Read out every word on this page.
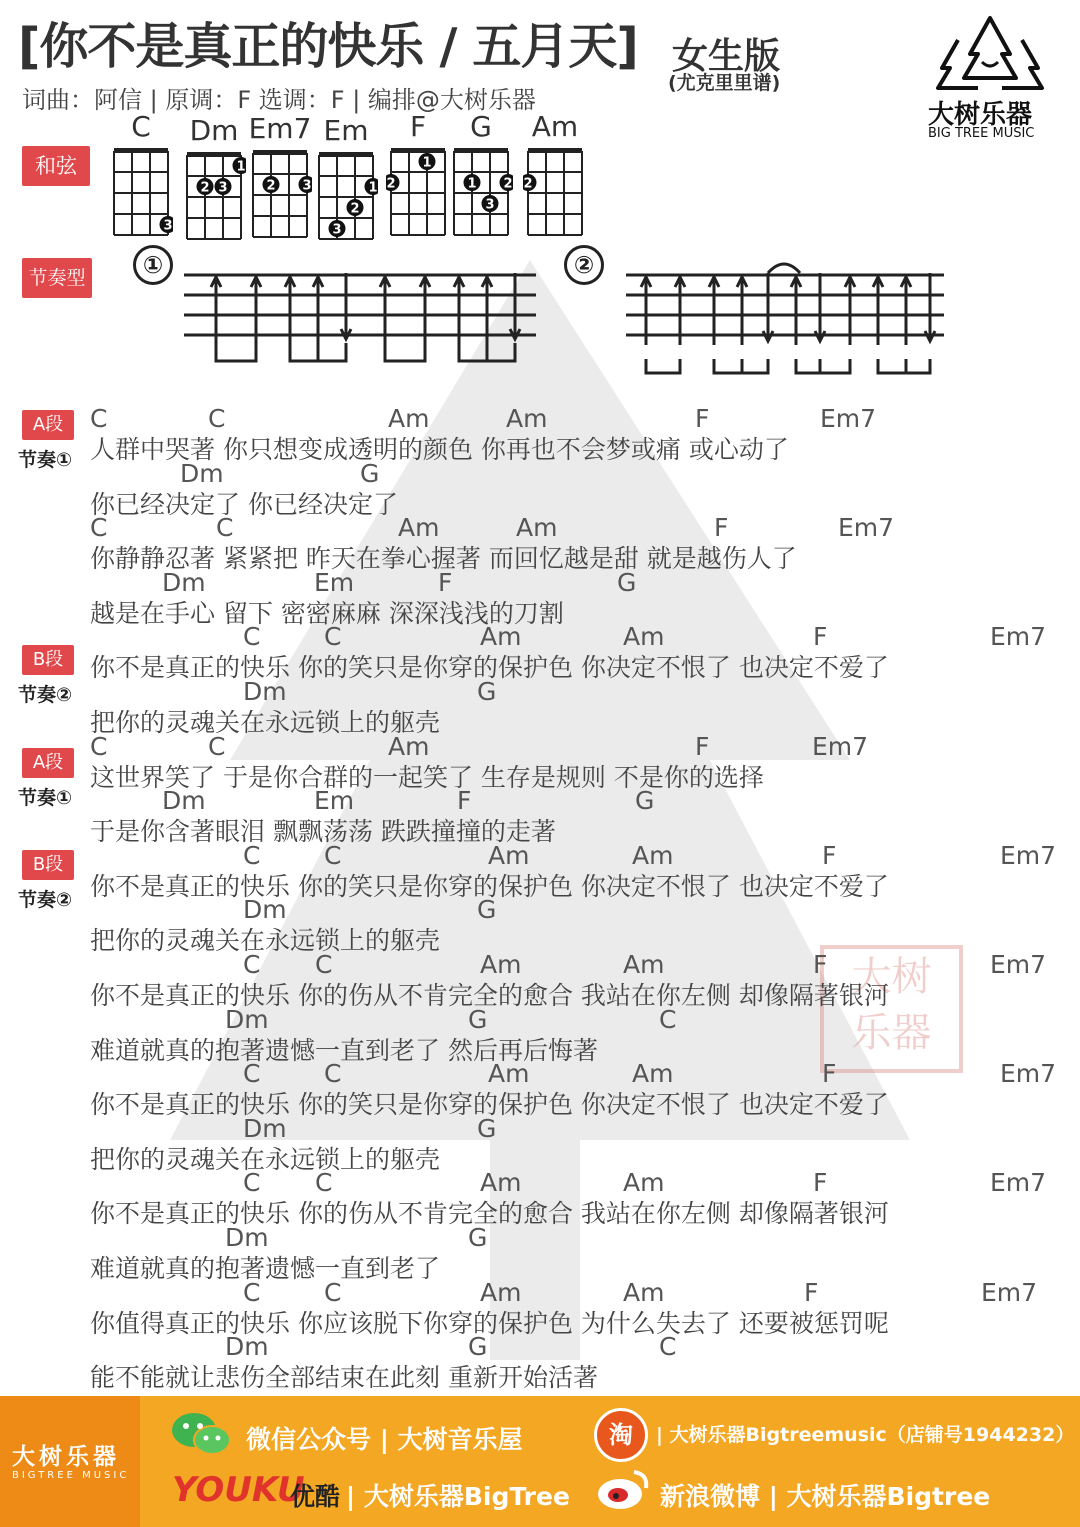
[你不是真正的快乐 / 五月天] 女生版
(尤克里里谱)
词曲：阿信 | 原调：F 选调：F | 编排@大树乐器	大树乐器
BIG TREE MUSIC
大树
乐器
和弦
节奏型
C
3
Dm
2 3
1
Em7
2 3
Em
3
2
1
F
2
1
G
1
3
2
Am
2
①	②
A段
节奏①
B段
节奏②
A段
节奏①
B段
节奏②
C	C	Am	Am	F	Em7
人群中哭著 你只想变成透明的颜色 你再也不会梦或痛 或心动了
Dm	G
你已经决定了 你已经决定了
C	C	Am	Am	F	Em7
你静静忍著 紧紧把 昨天在拳心握著 而回忆越是甜 就是越伤人了
Dm	Em	F	G
越是在手心 留下 密密麻麻 深深浅浅的刀割
C	C	Am	Am	F	Em7
你不是真正的快乐 你的笑只是你穿的保护色 你决定不恨了 也决定不爱了
Dm	G
把你的灵魂关在永远锁上的躯壳
C	C	Am	F	Em7
这世界笑了 于是你合群的一起笑了 生存是规则 不是你的选择
Dm	Em	F	G
于是你含著眼泪 飘飘荡荡 跌跌撞撞的走著
C	C	Am	Am	F	Em7
你不是真正的快乐 你的笑只是你穿的保护色 你决定不恨了 也决定不爱了
Dm	G
把你的灵魂关在永远锁上的躯壳
C C	Am	Am	F	Em7
你不是真正的快乐 你的伤从不肯完全的愈合 我站在你左侧 却像隔著银河
Dm	G	C
难道就真的抱著遗憾一直到老了 然后再后悔著
C	C	Am	Am	F	Em7
你不是真正的快乐 你的笑只是你穿的保护色 你决定不恨了 也决定不爱了
Dm	G
把你的灵魂关在永远锁上的躯壳
C C	Am	Am	F	Em7
你不是真正的快乐 你的伤从不肯完全的愈合 我站在你左侧 却像隔著银河
Dm	G
难道就真的抱著遗憾一直到老了
C	C	Am	Am	F	Em7
你值得真正的快乐 你应该脱下你穿的保护色 为什么失去了 还要被惩罚呢
Dm	G	C
能不能就让悲伤全部结束在此刻 重新开始活著
大树乐器
BIGTREE MUSIC
微信公众号 | 大树音乐屋	淘	| 大树乐器Bigtreemusic（店铺号1944232）
YOUKU
优酷 | 大树乐器BigTree	新浪微博 | 大树乐器Bigtree
